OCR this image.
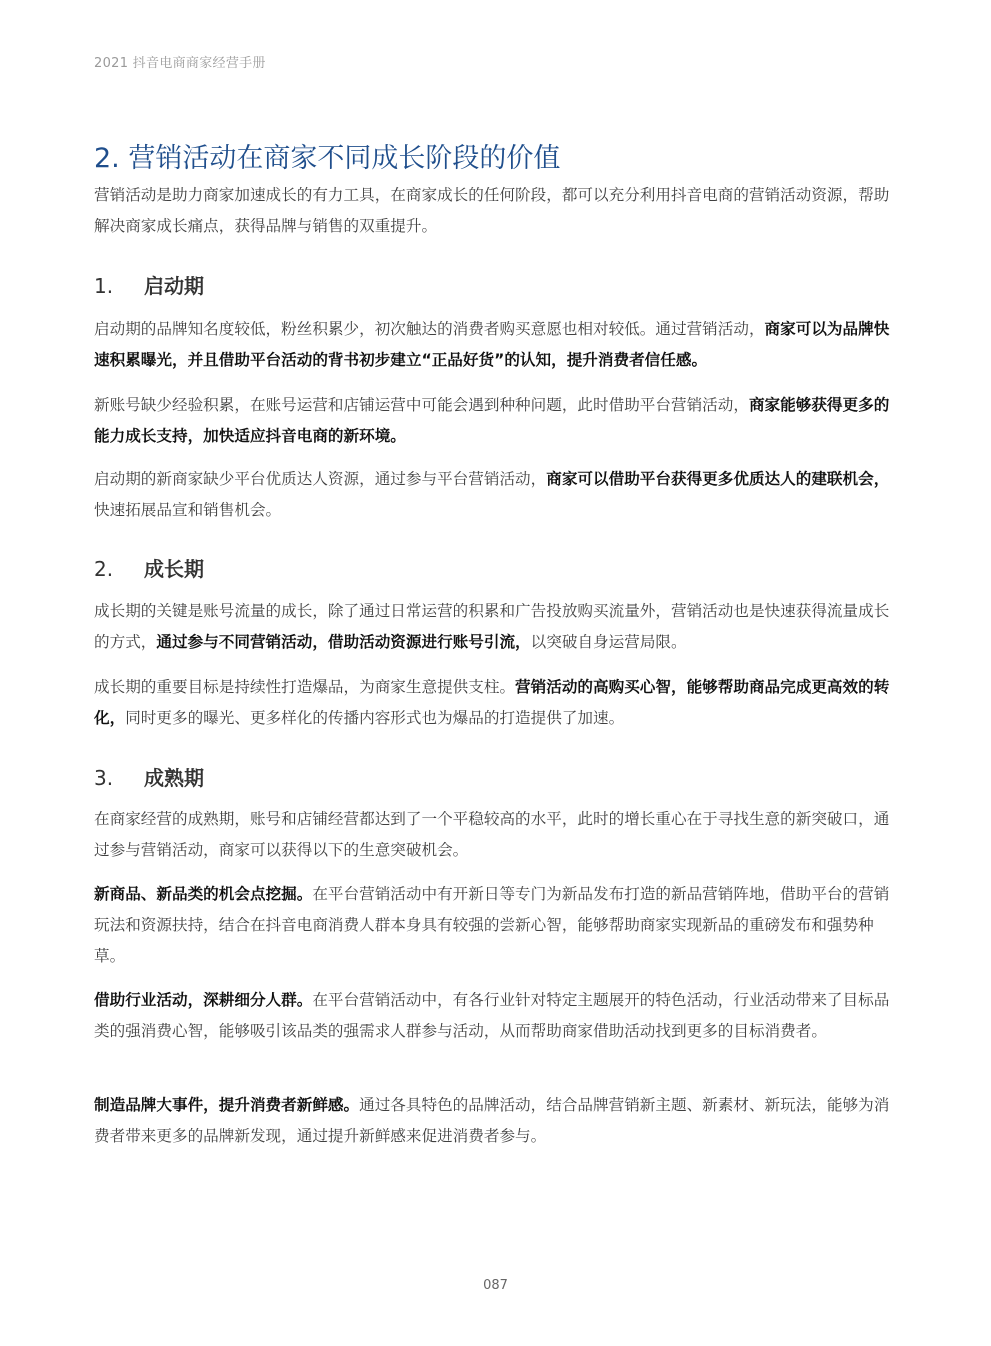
2021 抖音电商商家经营手册
2. 营销活动在商家不同成长阶段的价值
营销活动是助力商家加速成长的有力工具，在商家成长的任何阶段，都可以充分利用抖音电商的营销活动资源，帮助解决商家成长痛点，获得品牌与销售的双重提升。
1. 启动期
启动期的品牌知名度较低，粉丝积累少，初次触达的消费者购买意愿也相对较低。通过营销活动，商家可以为品牌快速积累曝光，并且借助平台活动的背书初步建立“正品好货”的认知，提升消费者信任感。
新账号缺少经验积累，在账号运营和店铺运营中可能会遇到种种问题，此时借助平台营销活动，商家能够获得更多的能力成长支持，加快适应抖音电商的新环境。
启动期的新商家缺少平台优质达人资源，通过参与平台营销活动，商家可以借助平台获得更多优质达人的建联机会，快速拓展品宣和销售机会。
2. 成长期
成长期的关键是账号流量的成长，除了通过日常运营的积累和广告投放购买流量外，营销活动也是快速获得流量成长的方式，通过参与不同营销活动，借助活动资源进行账号引流，以突破自身运营局限。
成长期的重要目标是持续性打造爆品，为商家生意提供支柱。营销活动的高购买心智，能够帮助商品完成更高效的转化，同时更多的曝光、更多样化的传播内容形式也为爆品的打造提供了加速。
3. 成熟期
在商家经营的成熟期，账号和店铺经营都达到了一个平稳较高的水平，此时的增长重心在于寻找生意的新突破口，通过参与营销活动，商家可以获得以下的生意突破机会。
新商品、新品类的机会点挖掘。在平台营销活动中有开新日等专门为新品发布打造的新品营销阵地，借助平台的营销玩法和资源扶持，结合在抖音电商消费人群本身具有较强的尝新心智，能够帮助商家实现新品的重磅发布和强势种草。
借助行业活动，深耕细分人群。在平台营销活动中，有各行业针对特定主题展开的特色活动，行业活动带来了目标品类的强消费心智，能够吸引该品类的强需求人群参与活动，从而帮助商家借助活动找到更多的目标消费者。
制造品牌大事件，提升消费者新鲜感。通过各具特色的品牌活动，结合品牌营销新主题、新素材、新玩法，能够为消费者带来更多的品牌新发现，通过提升新鲜感来促进消费者参与。
087
